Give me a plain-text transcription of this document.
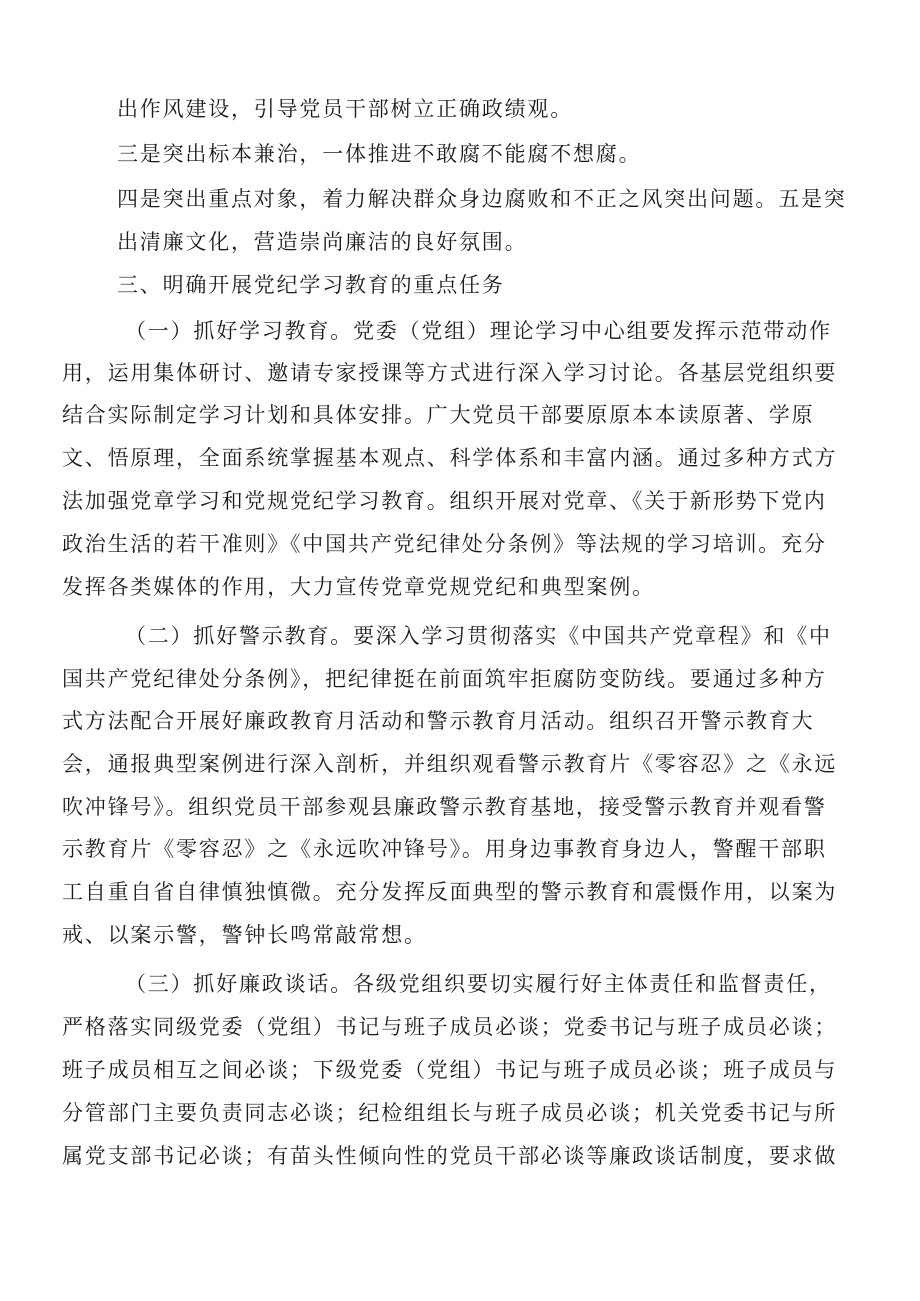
出作风建设，引导党员干部树立正确政绩观。
三是突出标本兼治，一体推进不敢腐不能腐不想腐。
四是突出重点对象，着力解决群众身边腐败和不正之风突出问题。五是突
出清廉文化，营造崇尚廉洁的良好氛围。
三、明确开展党纪学习教育的重点任务
（一）抓好学习教育。党委（党组）理论学习中心组要发挥示范带动作
用，运用集体研讨、邀请专家授课等方式进行深入学习讨论。各基层党组织要
结合实际制定学习计划和具体安排。广大党员干部要原原本本读原著、学原
文、悟原理，全面系统掌握基本观点、科学体系和丰富内涵。通过多种方式方
法加强党章学习和党规党纪学习教育。组织开展对党章、《关于新形势下党内
政治生活的若干准则》《中国共产党纪律处分条例》等法规的学习培训。充分
发挥各类媒体的作用，大力宣传党章党规党纪和典型案例。
（二）抓好警示教育。要深入学习贯彻落实《中国共产党章程》和《中
国共产党纪律处分条例》，把纪律挺在前面筑牢拒腐防变防线。要通过多种方
式方法配合开展好廉政教育月活动和警示教育月活动。组织召开警示教育大
会，通报典型案例进行深入剖析，并组织观看警示教育片《零容忍》之《永远
吹冲锋号》。组织党员干部参观县廉政警示教育基地，接受警示教育并观看警
示教育片《零容忍》之《永远吹冲锋号》。用身边事教育身边人，警醒干部职
工自重自省自律慎独慎微。充分发挥反面典型的警示教育和震慑作用，以案为
戒、以案示警，警钟长鸣常敲常想。
（三）抓好廉政谈话。各级党组织要切实履行好主体责任和监督责任，
严格落实同级党委（党组）书记与班子成员必谈；党委书记与班子成员必谈；
班子成员相互之间必谈；下级党委（党组）书记与班子成员必谈；班子成员与
分管部门主要负责同志必谈；纪检组组长与班子成员必谈；机关党委书记与所
属党支部书记必谈；有苗头性倾向性的党员干部必谈等廉政谈话制度，要求做
